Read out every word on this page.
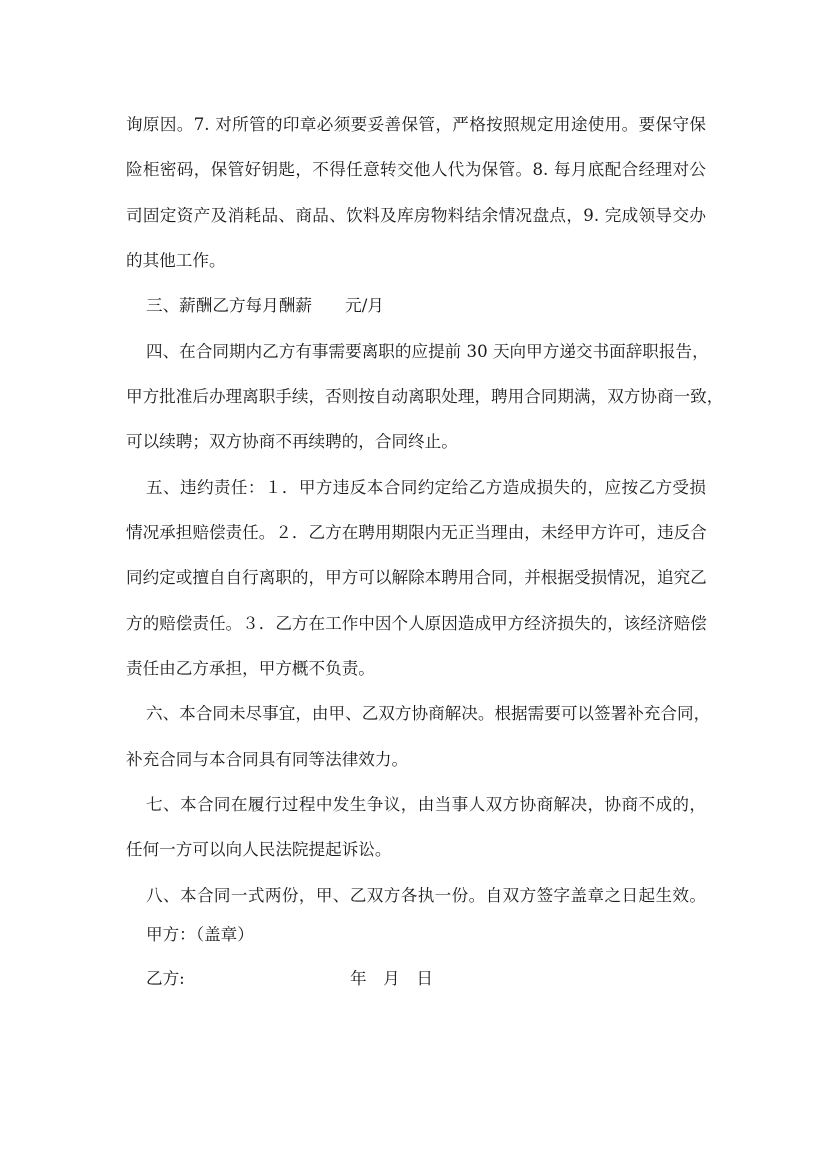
询原因。7. 对所管的印章必须要妥善保管，严格按照规定用途使用。要保守保
险柜密码，保管好钥匙，不得任意转交他人代为保管。8. 每月底配合经理对公
司固定资产及消耗品、商品、饮料及库房物料结余情况盘点，9. 完成领导交办
的其他工作。
三、薪酬乙方每月酬薪　　元/月
四、在合同期内乙方有事需要离职的应提前 30 天向甲方递交书面辞职报告，
甲方批准后办理离职手续，否则按自动离职处理，聘用合同期满，双方协商一致，
可以续聘；双方协商不再续聘的，合同终止。
五、违约责任：１．甲方违反本合同约定给乙方造成损失的，应按乙方受损
情况承担赔偿责任。２．乙方在聘用期限内无正当理由，未经甲方许可，违反合
同约定或擅自自行离职的，甲方可以解除本聘用合同，并根据受损情况，追究乙
方的赔偿责任。３．乙方在工作中因个人原因造成甲方经济损失的，该经济赔偿
责任由乙方承担，甲方概不负责。
六、本合同未尽事宜，由甲、乙双方协商解决。根据需要可以签署补充合同，
补充合同与本合同具有同等法律效力。
七、本合同在履行过程中发生争议，由当事人双方协商解决，协商不成的，
任何一方可以向人民法院提起诉讼。
八、本合同一式两份，甲、乙双方各执一份。自双方签字盖章之日起生效。
甲方：（盖章）
乙方:	年　月　日
